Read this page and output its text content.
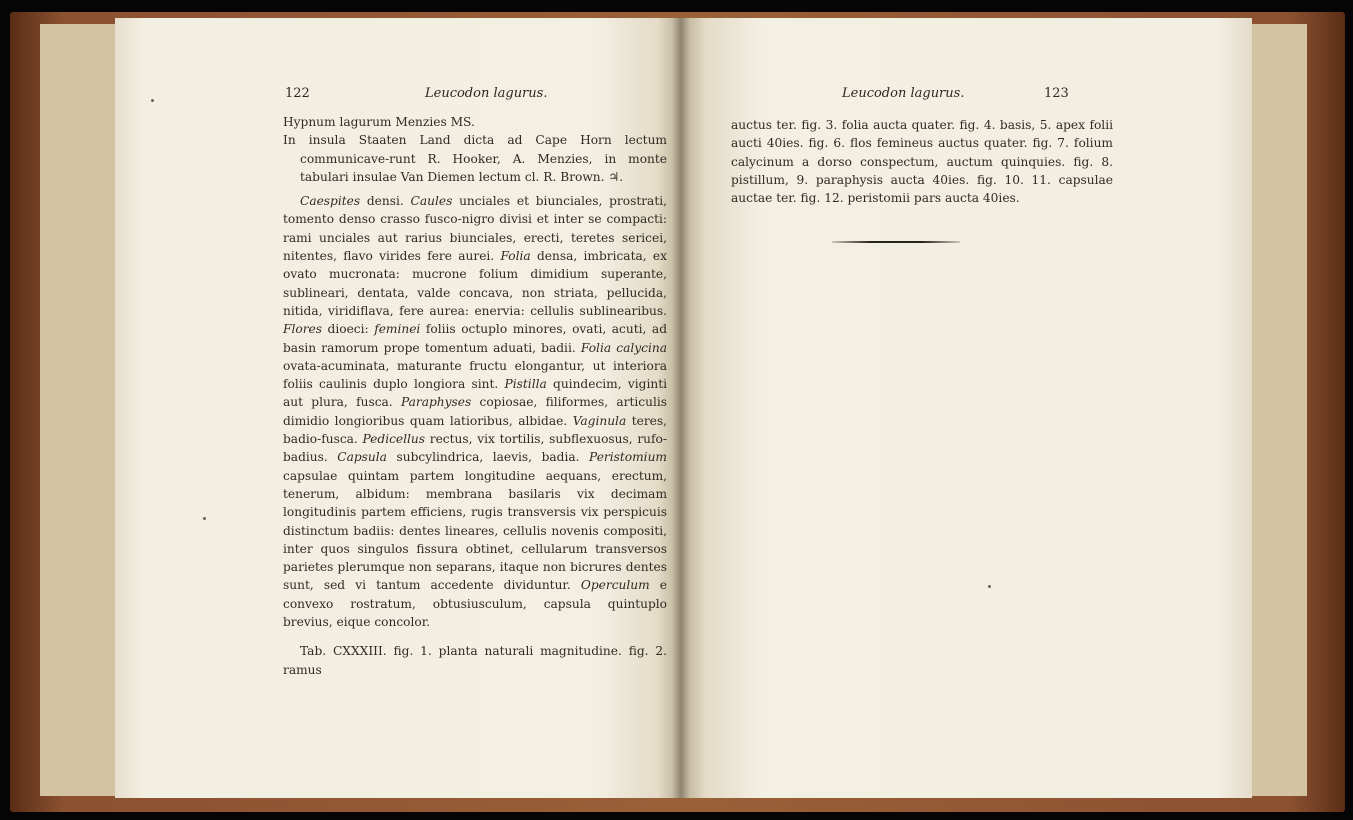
122	Leucodon lagurus.

Hypnum lagurum Menzies MS.

In insula Staaten Land dicta ad Cape Horn lectum communicave-runt R. Hooker, A. Menzies, in monte tabulari insulae Van Diemen lectum cl. R. Brown. ♃.

Caespites densi. Caules unciales et biunciales, prostrati, tomento denso crasso fusco-nigro divisi et inter se compacti: rami unciales aut rarius biunciales, erecti, teretes sericei, nitentes, flavo virides fere aurei. Folia densa, imbricata, ex ovato mucronata: mucrone folium dimidium superante, sublineari, dentata, valde concava, non striata, pellucida, nitida, viridiflava, fere aurea: enervia: cellulis sublinearibus. Flores dioeci: feminei foliis octuplo minores, ovati, acuti, ad basin ramorum prope tomentum aduati, badii. Folia calycina ovata-acuminata, maturante fructu elongantur, ut interiora foliis caulinis duplo longiora sint. Pistilla quindecim, viginti aut plura, fusca. Paraphyses copiosae, filiformes, articulis dimidio longioribus quam latioribus, albidae. Vaginula teres, badio-fusca. Pedicellus rectus, vix tortilis, subflexuosus, rufo-badius. Capsula subcylindrica, laevis, badia. Peristomium capsulae quintam partem longitudine aequans, erectum, tenerum, albidum: membrana basilaris vix decimam longitudinis partem efficiens, rugis transversis vix perspicuis distinctum badiis: dentes lineares, cellulis novenis compositi, inter quos singulos fissura obtinet, cellularum transversos parietes plerumque non separans, itaque non bicrures dentes sunt, sed vi tantum accedente dividuntur. Operculum e convexo rostratum, obtusiusculum, capsula quintuplo brevius, eique concolor.

Tab. CXXXIII. fig. 1. planta naturali magnitudine. fig. 2. ramus

Leucodon lagurus.	123

auctus ter. fig. 3. folia aucta quater. fig. 4. basis, 5. apex folii aucti 40ies. fig. 6. flos femineus auctus quater. fig. 7. folium calycinum a dorso conspectum, auctum quinquies. fig. 8. pistillum, 9. paraphysis aucta 40ies. fig. 10. 11. capsulae auctae ter. fig. 12. peristomii pars aucta 40ies.
